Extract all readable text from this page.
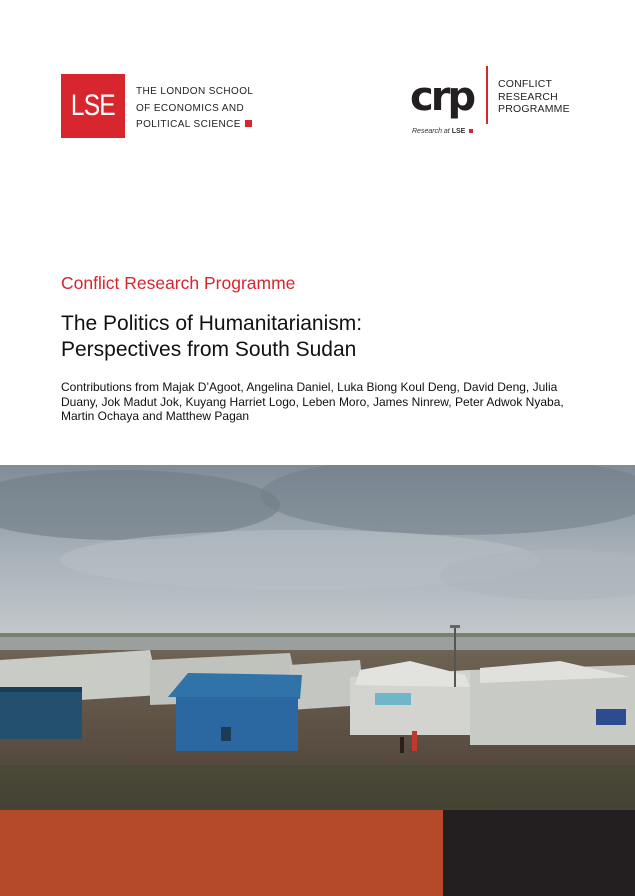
LSE THE LONDON SCHOOL
OF ECONOMICS AND
POLITICAL SCIENCE
crp
Research at LSE
CONFLICT
RESEARCH
PROGRAMME
Conflict Research Programme
The Politics of Humanitarianism:
Perspectives from South Sudan
Contributions from Majak D’Agoot, Angelina Daniel, Luka Biong Koul Deng, David Deng, Julia Duany, Jok Madut Jok, Kuyang Harriet Logo, Leben Moro, James Ninrew, Peter Adwok Nyaba, Martin Ochaya and Matthew Pagan
